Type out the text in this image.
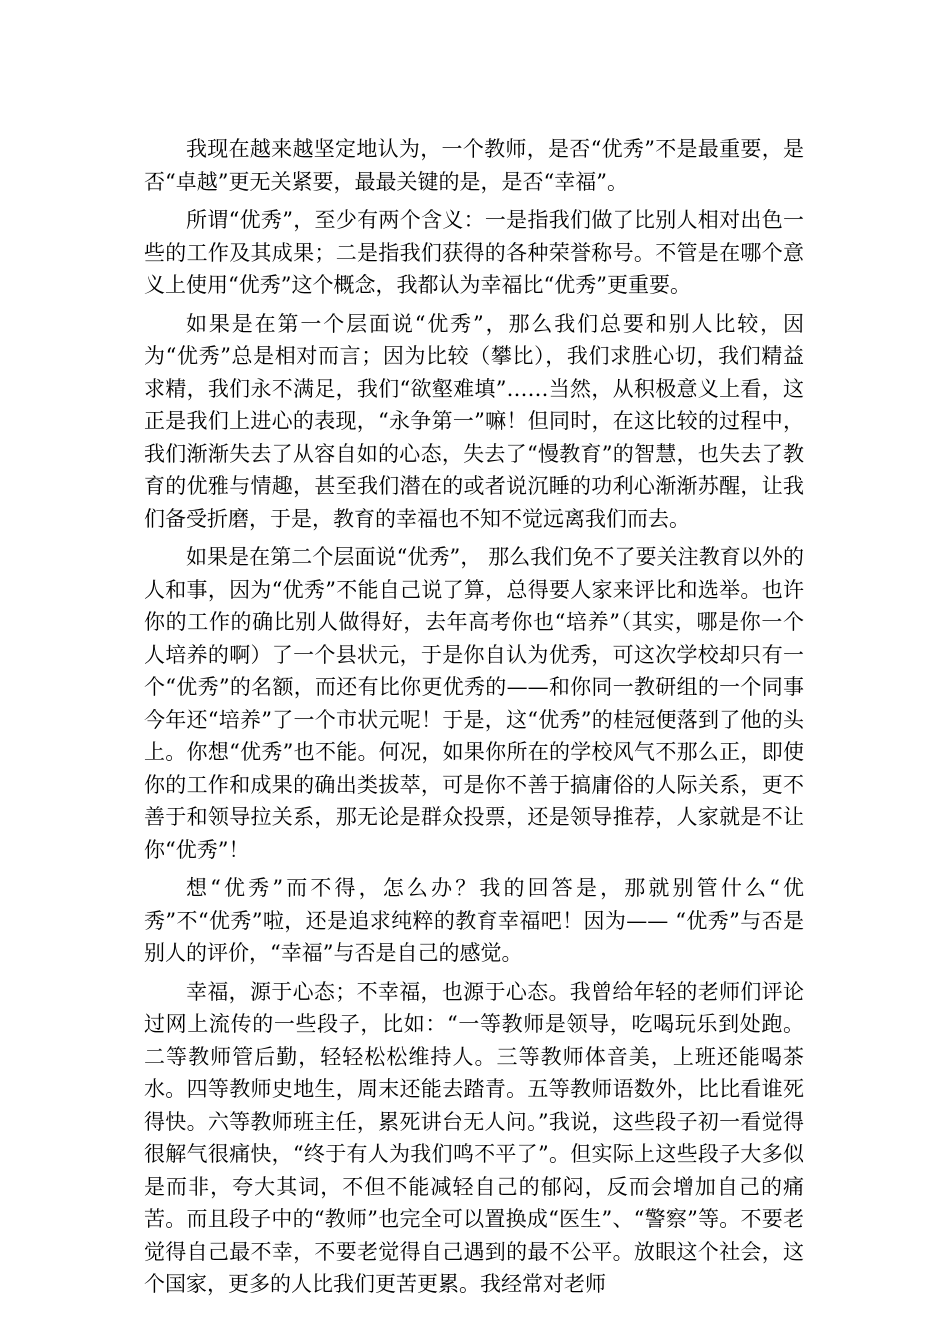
我现在越来越坚定地认为，一个教师，是否“优秀”不是最重要，是否“卓越”更无关紧要，最最关键的是，是否“幸福”。

所谓“优秀”，至少有两个含义：一是指我们做了比别人相对出色一些的工作及其成果；二是指我们获得的各种荣誉称号。不管是在哪个意义上使用“优秀”这个概念，我都认为幸福比“优秀”更重要。

如果是在第一个层面说“优秀”，那么我们总要和别人比较，因为“优秀”总是相对而言；因为比较（攀比），我们求胜心切，我们精益求精，我们永不满足，我们“欲壑难填”……当然，从积极意义上看，这正是我们上进心的表现，“永争第一”嘛！但同时，在这比较的过程中，我们渐渐失去了从容自如的心态，失去了“慢教育”的智慧，也失去了教育的优雅与情趣，甚至我们潜在的或者说沉睡的功利心渐渐苏醒，让我们备受折磨，于是，教育的幸福也不知不觉远离我们而去。

如果是在第二个层面说“优秀”， 那么我们免不了要关注教育以外的人和事，因为“优秀”不能自己说了算，总得要人家来评比和选举。也许你的工作的确比别人做得好，去年高考你也“培养”（其实，哪是你一个人培养的啊）了一个县状元，于是你自认为优秀，可这次学校却只有一个“优秀”的名额，而还有比你更优秀的——和你同一教研组的一个同事今年还“培养”了一个市状元呢！于是，这“优秀”的桂冠便落到了他的头上。你想“优秀”也不能。何况，如果你所在的学校风气不那么正，即使你的工作和成果的确出类拔萃，可是你不善于搞庸俗的人际关系，更不善于和领导拉关系，那无论是群众投票，还是领导推荐，人家就是不让你“优秀”！

想“优秀”而不得，怎么办？我的回答是，那就别管什么“优秀”不“优秀”啦，还是追求纯粹的教育幸福吧！因为—— “优秀”与否是别人的评价，“幸福”与否是自己的感觉。

幸福，源于心态；不幸福，也源于心态。我曾给年轻的老师们评论过网上流传的一些段子，比如：“一等教师是领导，吃喝玩乐到处跑。二等教师管后勤，轻轻松松维持人。三等教师体音美，上班还能喝茶水。四等教师史地生，周末还能去踏青。五等教师语数外，比比看谁死得快。六等教师班主任，累死讲台无人问。”我说，这些段子初一看觉得很解气很痛快，“终于有人为我们鸣不平了”。但实际上这些段子大多似是而非，夸大其词，不但不能减轻自己的郁闷，反而会增加自己的痛苦。而且段子中的“教师”也完全可以置换成“医生”、“警察”等。不要老觉得自己最不幸，不要老觉得自己遇到的最不公平。放眼这个社会，这个国家，更多的人比我们更苦更累。我经常对老师
